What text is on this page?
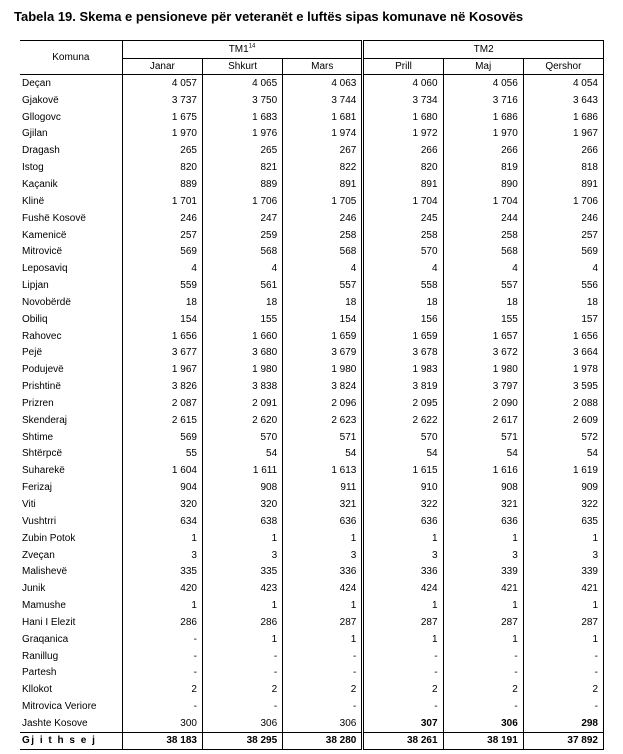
Tabela 19. Skema e pensioneve për veteranët e luftës sipas komunave në Kosovës
Komuna	$TM1^{14}$			TM2		
	Janar	Shkurt	Mars	Prill	Maj	Qershor
Deçan	4 057	4 065	4 063	4 060	4 056	4 054
Gjakovë	3 737	3 750	3 744	3 734	3 716	3 643
Gllogovc	1 675	1 683	1 681	1 680	1 686	1 686
Gjilan	1 970	1 976	1 974	1 972	1 970	1 967
Dragash	265	265	267	266	266	266
Istog	820	821	822	820	819	818
Kaçanik	889	889	891	891	890	891
Klinë	1 701	1 706	1 705	1 704	1 704	1 706
Fushë Kosovë	246	247	246	245	244	246
Kamenicë	257	259	258	258	258	257
Mitrovicë	569	568	568	570	568	569
Leposaviq	4	4	4	4	4	4
Lipjan	559	561	557	558	557	556
Novobërdë	18	18	18	18	18	18
Obiliq	154	155	154	156	155	157
Rahovec	1 656	1 660	1 659	1 659	1 657	1 656
Pejë	3 677	3 680	3 679	3 678	3 672	3 664
Podujevë	1 967	1 980	1 980	1 983	1 980	1 978
Prishtinë	3 826	3 838	3 824	3 819	3 797	3 595
Prizren	2 087	2 091	2 096	2 095	2 090	2 088
Skenderaj	2 615	2 620	2 623	2 622	2 617	2 609
Shtime	569	570	571	570	571	572
Shtërpcë	55	54	54	54	54	54
Suharekë	1 604	1 611	1 613	1 615	1 616	1 619
Ferizaj	904	908	911	910	908	909
Viti	320	320	321	322	321	322
Vushtrri	634	638	636	636	636	635
Zubin Potok	1	1	1	1	1	1
Zveçan	3	3	3	3	3	3
Malishevë	335	335	336	336	339	339
Junik	420	423	424	424	421	421
Mamushe	1	1	1	1	1	1
Hani I Elezit	286	286	287	287	287	287
Graqanica	-	1	1	1	1	1
Ranillug	-	-	-	-	-	-
Partesh	-	-	-	-	-	-
Kllokot	2	2	2	2	2	2
Mitrovica Veriore	-	-	-	-	-	-
Jashte Kosove	300	306	306	307	306	298
Gj i t h s e j	38 183	38 295	38 280	38 261	38 191	37 892
